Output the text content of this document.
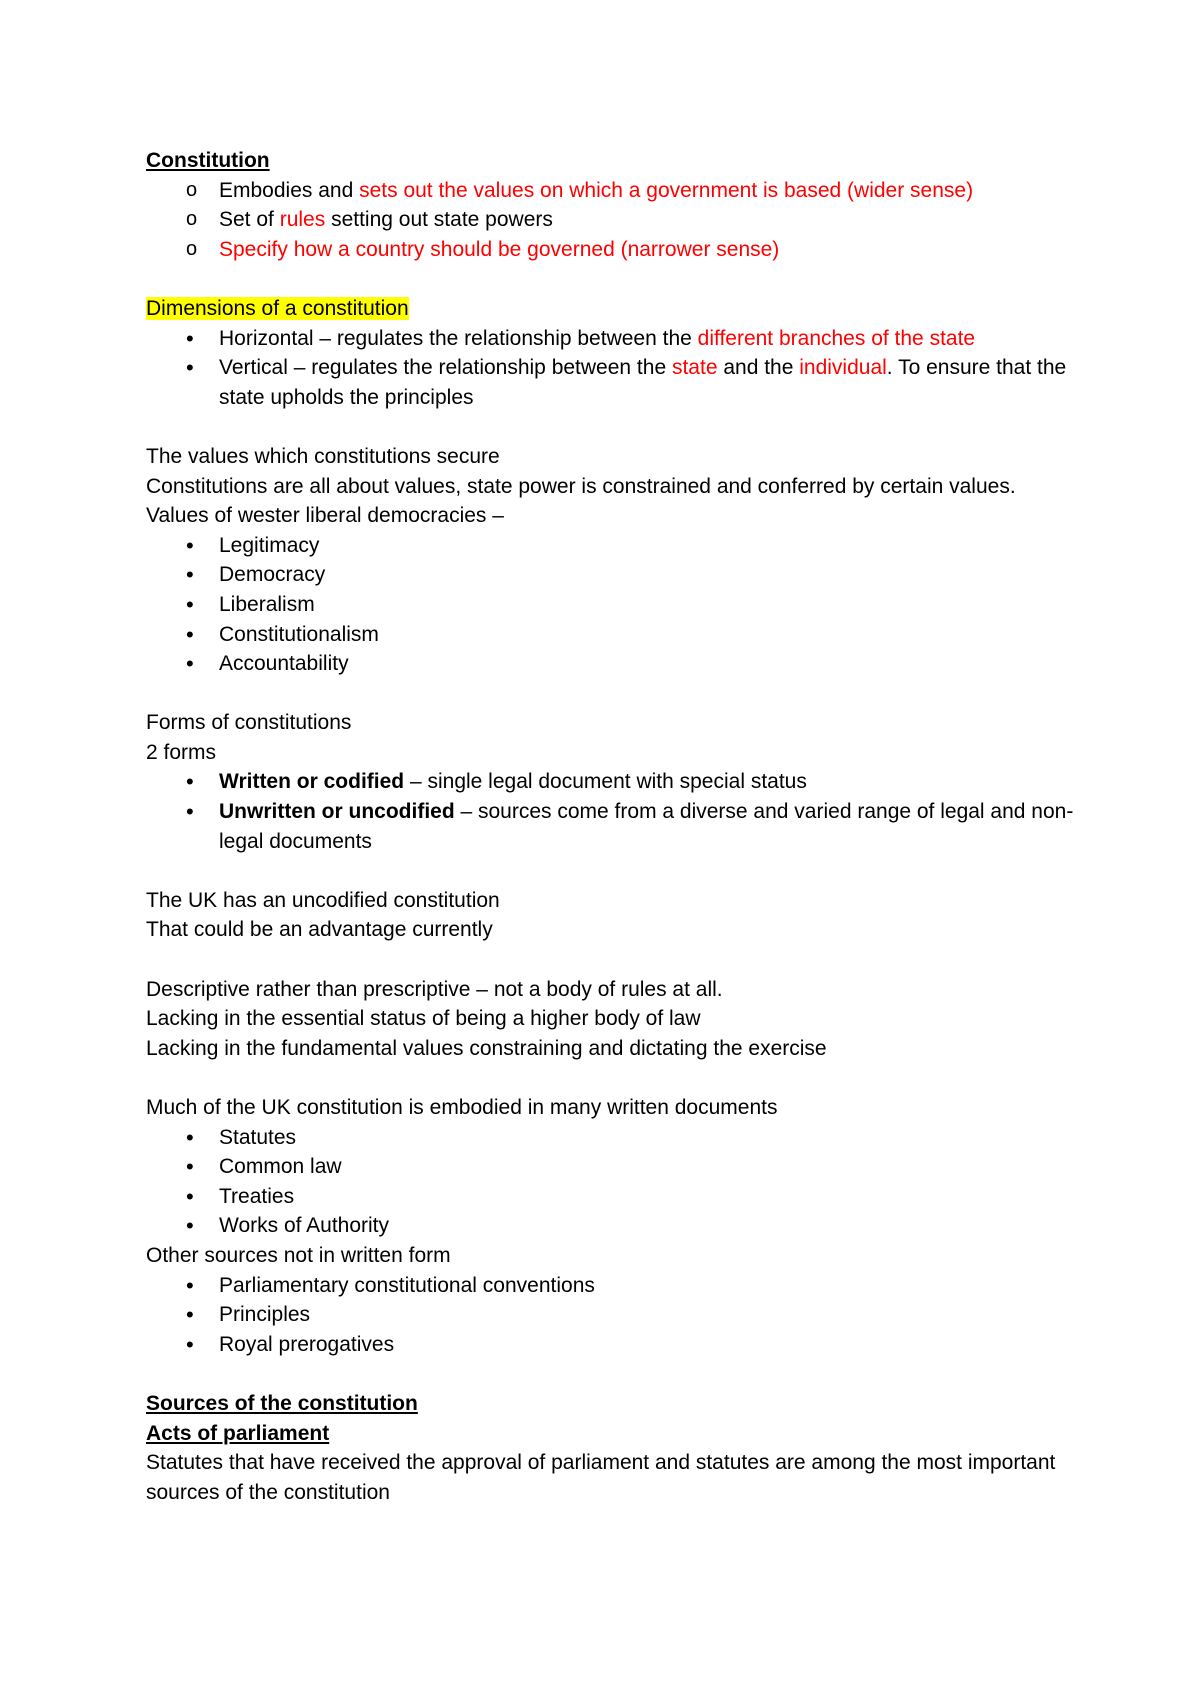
Constitution

o Embodies and sets out the values on which a government is based (wider sense)
o Set of rules setting out state powers
o Specify how a country should be governed (narrower sense)

Dimensions of a constitution

• Horizontal – regulates the relationship between the different branches of the state
• Vertical – regulates the relationship between the state and the individual. To ensure that the state upholds the principles

The values which constitutions secure

Constitutions are all about values, state power is constrained and conferred by certain values.

Values of wester liberal democracies –

• Legitimacy
• Democracy
• Liberalism
• Constitutionalism
• Accountability

Forms of constitutions

2 forms

• Written or codified – single legal document with special status
• Unwritten or uncodified – sources come from a diverse and varied range of legal and non-legal documents

The UK has an uncodified constitution

That could be an advantage currently

Descriptive rather than prescriptive – not a body of rules at all.

Lacking in the essential status of being a higher body of law

Lacking in the fundamental values constraining and dictating the exercise

Much of the UK constitution is embodied in many written documents

• Statutes
• Common law
• Treaties
• Works of Authority

Other sources not in written form

• Parliamentary constitutional conventions
• Principles
• Royal prerogatives

Sources of the constitution

Acts of parliament

Statutes that have received the approval of parliament and statutes are among the most important sources of the constitution
